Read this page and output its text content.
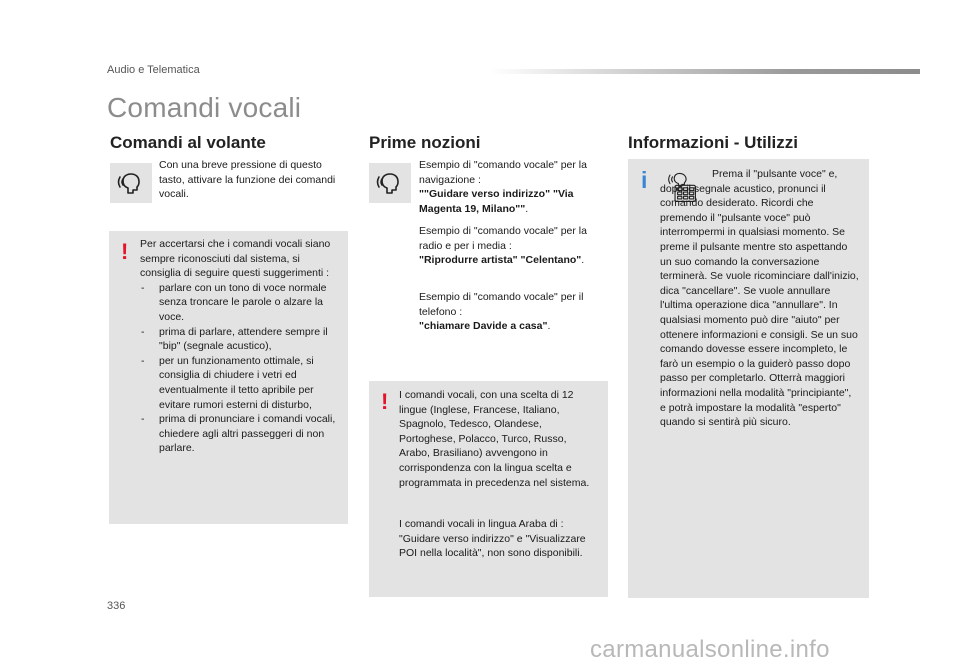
Audio e Telematica
Comandi vocali
Comandi al volante	Prime nozioni	Informazioni - Utilizzi

Con una breve pressione di questo tasto, attivare la funzione dei comandi vocali.

! Per accertarsi che i comandi vocali siano sempre riconosciuti dal sistema, si consiglia di seguire questi suggerimenti :

- parlare con un tono di voce normale senza troncare le parole o alzare la voce.
- prima di parlare, attendere sempre il "bip" (segnale acustico),
- per un funzionamento ottimale, si consiglia di chiudere i vetri ed eventualmente il tetto apribile per evitare rumori esterni di disturbo,
- prima di pronunciare i comandi vocali, chiedere agli altri passeggeri di non parlare.

Esempio di "comando vocale" per la navigazione :

""Guidare verso indirizzo" "Via Magenta 19, Milano"".

Esempio di "comando vocale" per la radio e per i media :

"Riprodurre artista" "Celentano".

Esempio di "comando vocale" per il telefono :

"chiamare Davide a casa".

! I comandi vocali, con una scelta di 12 lingue (Inglese, Francese, Italiano, Spagnolo, Tedesco, Olandese, Portoghese, Polacco, Turco, Russo, Arabo, Brasiliano) avvengono in corrispondenza con la lingua scelta e programmata in precedenza nel sistema.

I comandi vocali in lingua Araba di : "Guidare verso indirizzo" e "Visualizzare POI nella località", non sono disponibili.

i	Prema il "pulsante voce" e, dopo il segnale acustico, pronunci il comando desiderato. Ricordi che premendo il "pulsante voce" può interrompermi in qualsiasi momento. Se preme il pulsante mentre sto aspettando un suo comando la conversazione terminerà. Se vuole ricominciare dall'inizio, dica "cancellare". Se vuole annullare l'ultima operazione dica "annullare". In qualsiasi momento può dire "aiuto" per ottenere informazioni e consigli. Se un suo comando dovesse essere incompleto, le farò un esempio o la guiderò passo dopo passo per completarlo. Otterrà maggiori informazioni nella modalità "principiante", e potrà impostare la modalità "esperto" quando si sentirà più sicuro.

336
carmanualsonline.info
